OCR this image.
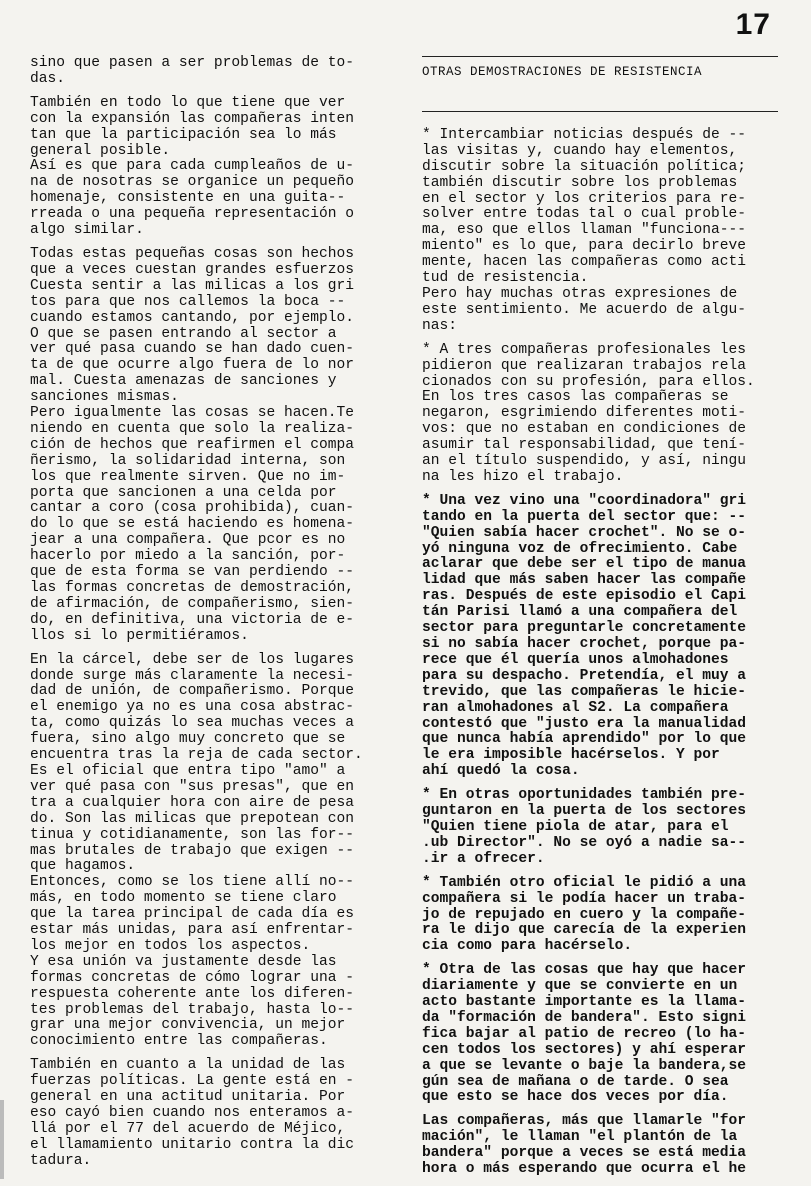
17

sino que pasen a ser problemas de to-
das.

También en todo lo que tiene que ver
con la expansión las compañeras inten
tan que la participación sea lo más
general posible.

Así es que para cada cumpleaños de u-
na de nosotras se organice un pequeño
homenaje, consistente en una guita--
rreada o una pequeña representación o
algo similar.

Todas estas pequeñas cosas son hechos
que a veces cuestan grandes esfuerzos
Cuesta sentir a las milicas a los gri
tos para que nos callemos la boca --
cuando estamos cantando, por ejemplo.
O que se pasen entrando al sector a
ver qué pasa cuando se han dado cuen-
ta de que ocurre algo fuera de lo nor
mal. Cuesta amenazas de sanciones y
sanciones mismas.

Pero igualmente las cosas se hacen.Te
niendo en cuenta que solo la realiza-
ción de hechos que reafirmen el compa
ñerismo, la solidaridad interna, son
los que realmente sirven. Que no im-
porta que sancionen a una celda por
cantar a coro (cosa prohibida), cuan-
do lo que se está haciendo es homena-
jear a una compañera. Que pcor es no
hacerlo por miedo a la sanción, por-
que de esta forma se van perdiendo --
las formas concretas de demostración,
de afirmación, de compañerismo, sien-
do, en definitiva, una victoria de e-
llos si lo permitiéramos.

En la cárcel, debe ser de los lugares
donde surge más claramente la necesi-
dad de unión, de compañerismo. Porque
el enemigo ya no es una cosa abstrac-
ta, como quizás lo sea muchas veces a
fuera, sino algo muy concreto que se
encuentra tras la reja de cada sector.
Es el oficial que entra tipo "amo" a
ver qué pasa con "sus presas", que en
tra a cualquier hora con aire de pesa
do. Son las milicas que prepotean con
tinua y cotidianamente, son las for--
mas brutales de trabajo que exigen --
que hagamos.

Entonces, como se los tiene allí no--
más, en todo momento se tiene claro
que la tarea principal de cada día es
estar más unidas, para así enfrentar-
los mejor en todos los aspectos.

Y esa unión va justamente desde las
formas concretas de cómo lograr una -
respuesta coherente ante los diferen-
tes problemas del trabajo, hasta lo--
grar una mejor convivencia, un mejor
conocimiento entre las compañeras.

También en cuanto a la unidad de las
fuerzas políticas. La gente está en -
general en una actitud unitaria. Por
eso cayó bien cuando nos enteramos a-
llá por el 77 del acuerdo de Méjico,
el llamamiento unitario contra la dic
tadura.

OTRAS DEMOSTRACIONES DE RESISTENCIA

* Intercambiar noticias después de --
las visitas y, cuando hay elementos,
discutir sobre la situación política;
también discutir sobre los problemas
en el sector y los criterios para re-
solver entre todas tal o cual proble-
ma, eso que ellos llaman "funciona---
miento" es lo que, para decirlo breve
mente, hacen las compañeras como acti
tud de resistencia.

Pero hay muchas otras expresiones de
este sentimiento. Me acuerdo de algu-
nas:

* A tres compañeras profesionales les
pidieron que realizaran trabajos rela
cionados con su profesión, para ellos.
En los tres casos las compañeras se
negaron, esgrimiendo diferentes moti-
vos: que no estaban en condiciones de
asumir tal responsabilidad, que tení-
an el título suspendido, y así, ningu
na les hizo el trabajo.

* Una vez vino una "coordinadora" gri
tando en la puerta del sector que: --
"Quien sabía hacer crochet". No se o-
yó ninguna voz de ofrecimiento. Cabe
aclarar que debe ser el tipo de manua
lidad que más saben hacer las compañe
ras. Después de este episodio el Capi
tán Parisi llamó a una compañera del
sector para preguntarle concretamente
si no sabía hacer crochet, porque pa-
rece que él quería unos almohadones
para su despacho. Pretendía, el muy a
trevido, que las compañeras le hicie-
ran almohadones al S2. La compañera
contestó que "justo era la manualidad
que nunca había aprendido" por lo que
le era imposible hacérselos. Y por
ahí quedó la cosa.

* En otras oportunidades también pre-
guntaron en la puerta de los sectores
"Quien tiene piola de atar, para el
.ub Director". No se oyó a nadie sa--
.ir a ofrecer.

* También otro oficial le pidió a una
compañera si le podía hacer un traba-
jo de repujado en cuero y la compañe-
ra le dijo que carecía de la experien
cia como para hacérselo.

* Otra de las cosas que hay que hacer
diariamente y que se convierte en un
acto bastante importante es la llama-
da "formación de bandera". Esto signi
fica bajar al patio de recreo (lo ha-
cen todos los sectores) y ahí esperar
a que se levante o baje la bandera,se
gún sea de mañana o de tarde. O sea
que esto se hace dos veces por día.

Las compañeras, más que llamarle "for
mación", le llaman "el plantón de la
bandera" porque a veces se está media
hora o más esperando que ocurra el he
